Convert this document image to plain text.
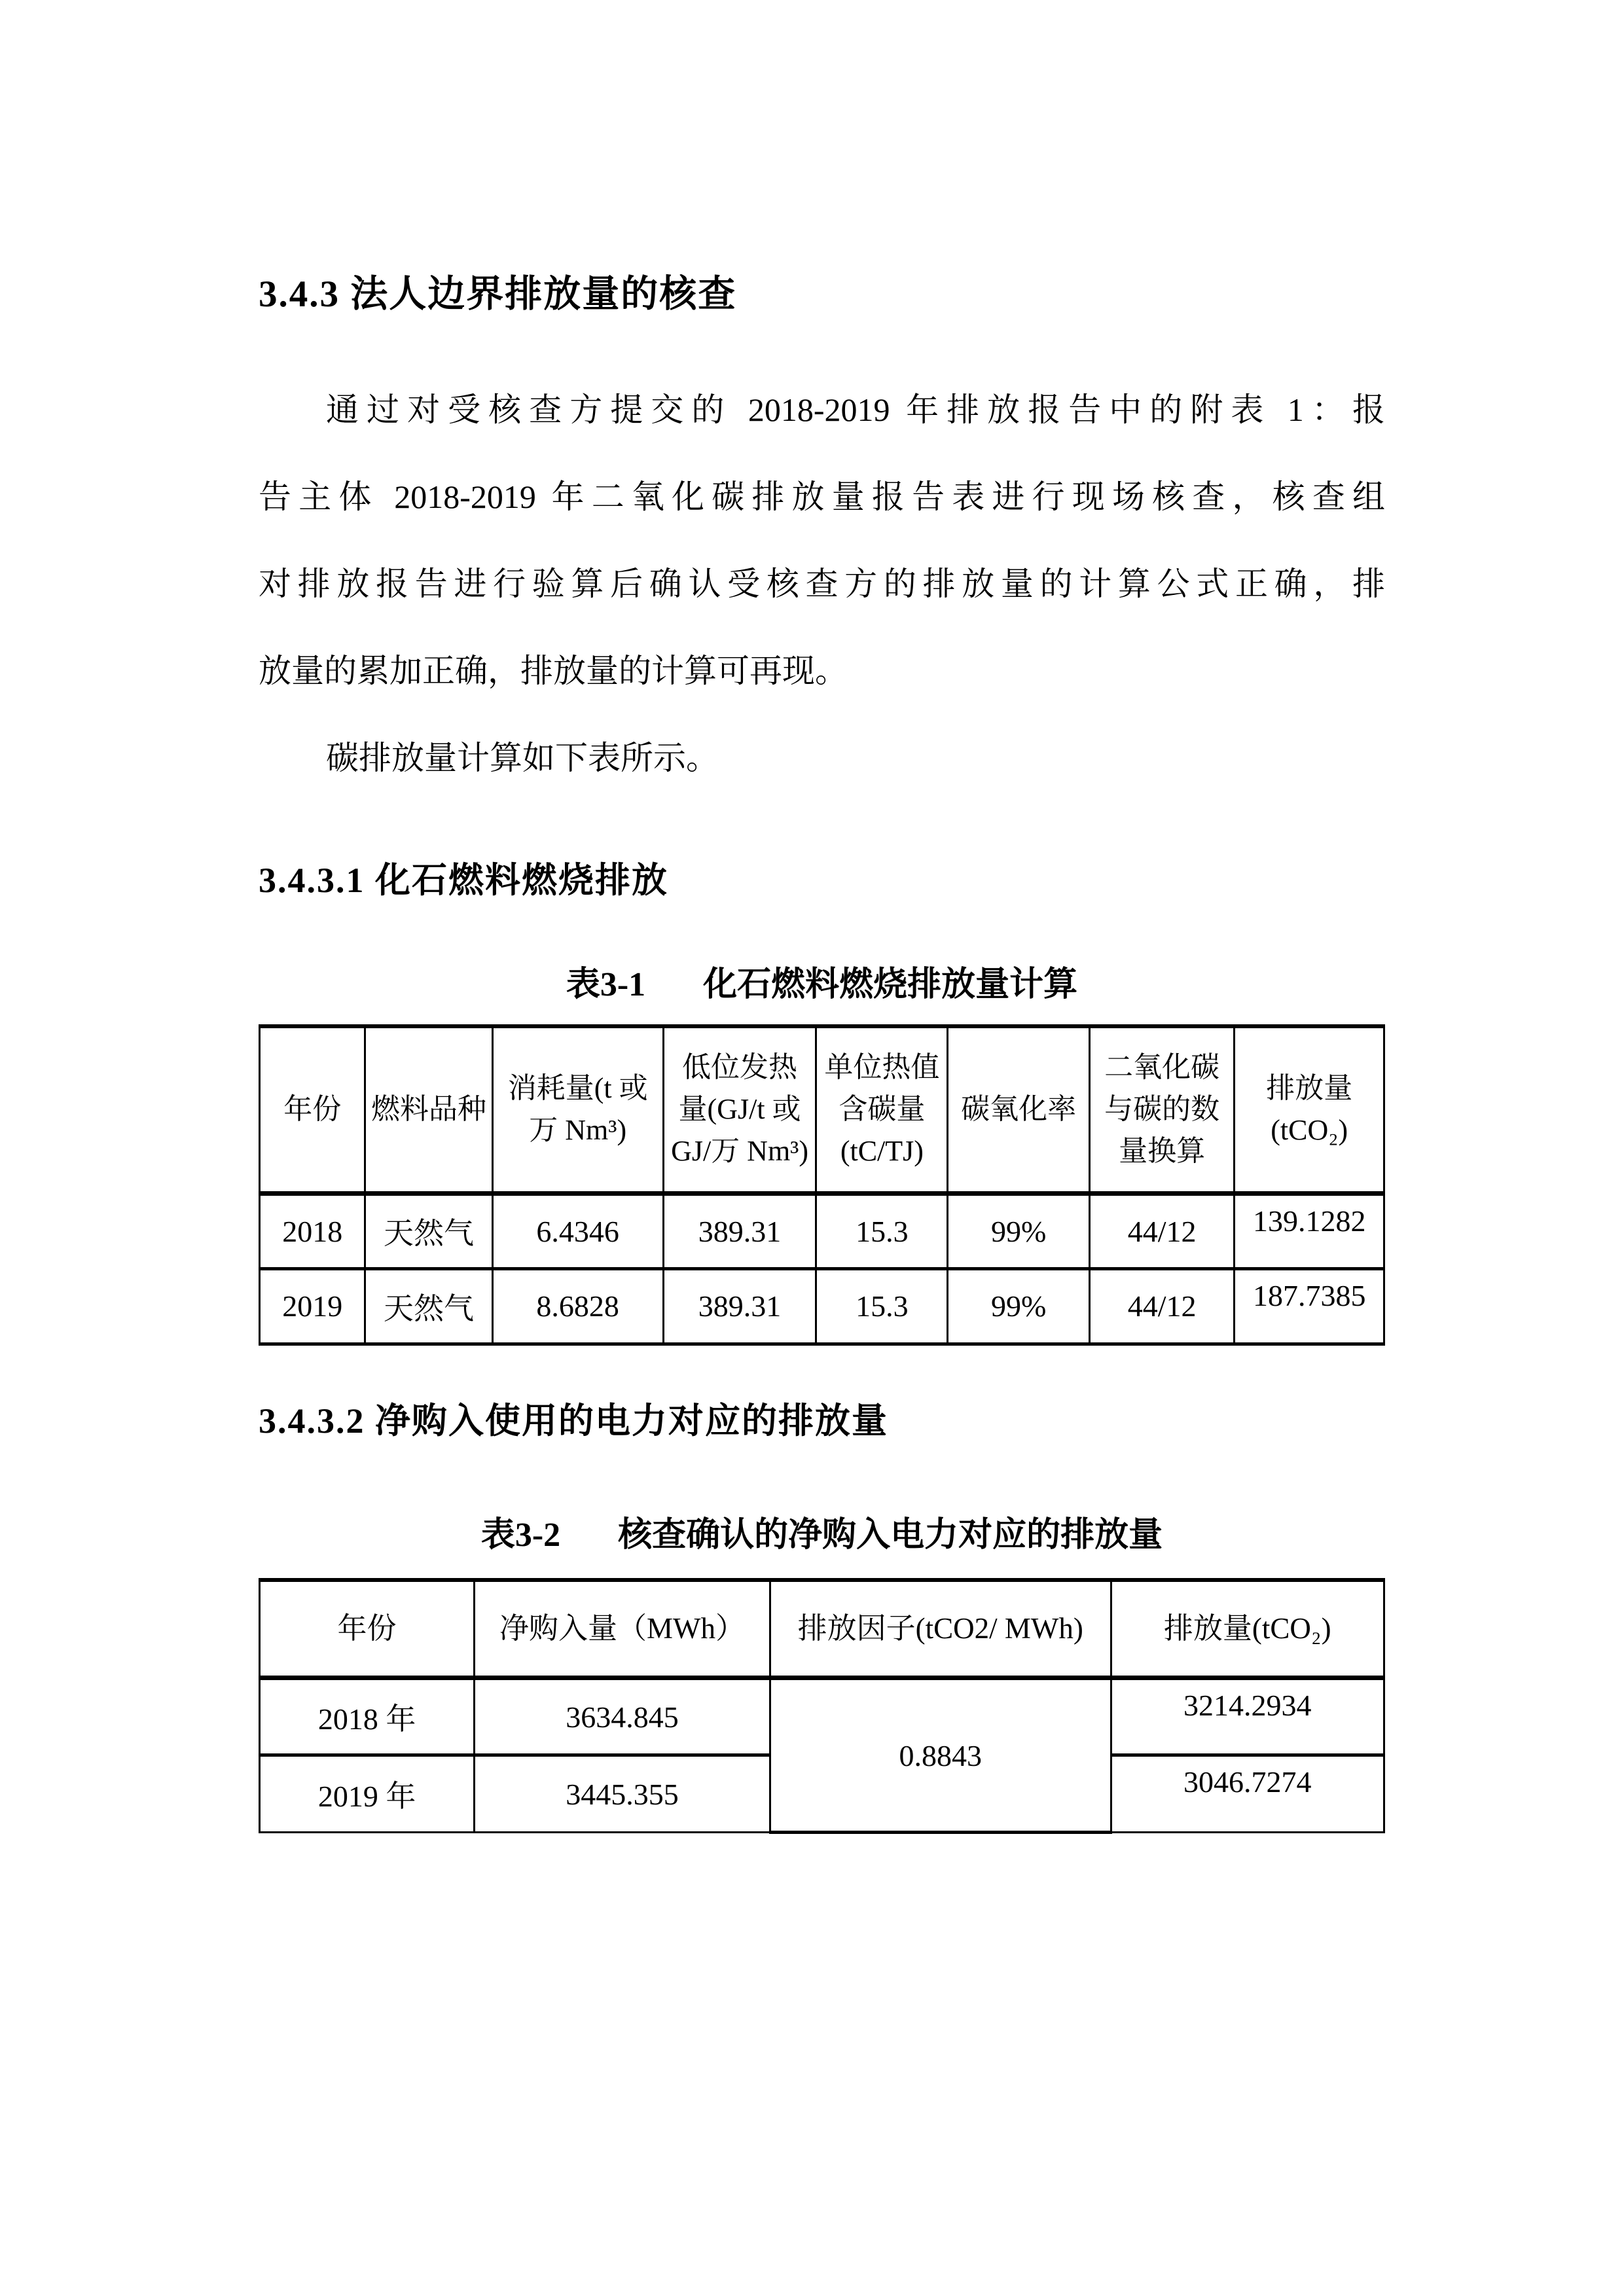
3.4.3 法人边界排放量的核查
通过对受核查方提交的 2018-2019 年排放报告中的附表 1：报
告主体 2018-2019 年二氧化碳排放量报告表进行现场核查，核查组
对排放报告进行验算后确认受核查方的排放量的计算公式正确，排
放量的累加正确，排放量的计算可再现。
碳排放量计算如下表所示。
3.4.3.1 化石燃料燃烧排放
表3-1 化石燃料燃烧排放量计算
年份	燃料品种	消耗量(t 或万 Nm³)	低位发热量(GJ/t 或 GJ/万 Nm³)	单位热值含碳量 (tC/TJ)	碳氧化率	二氧化碳与碳的数量换算	排放量 (tCO₂)
2018	天然气	6.4346	389.31	15.3	99%	44/12	139.1282
2019	天然气	8.6828	389.31	15.3	99%	44/12	187.7385
3.4.3.2 净购入使用的电力对应的排放量
表3-2 核查确认的净购入电力对应的排放量
年份	净购入量（MWh）	排放因子(tCO2/ MWh)	排放量(tCO₂)
2018 年	3634.845	0.8843	3214.2934
2019 年	3445.355		3046.7274
